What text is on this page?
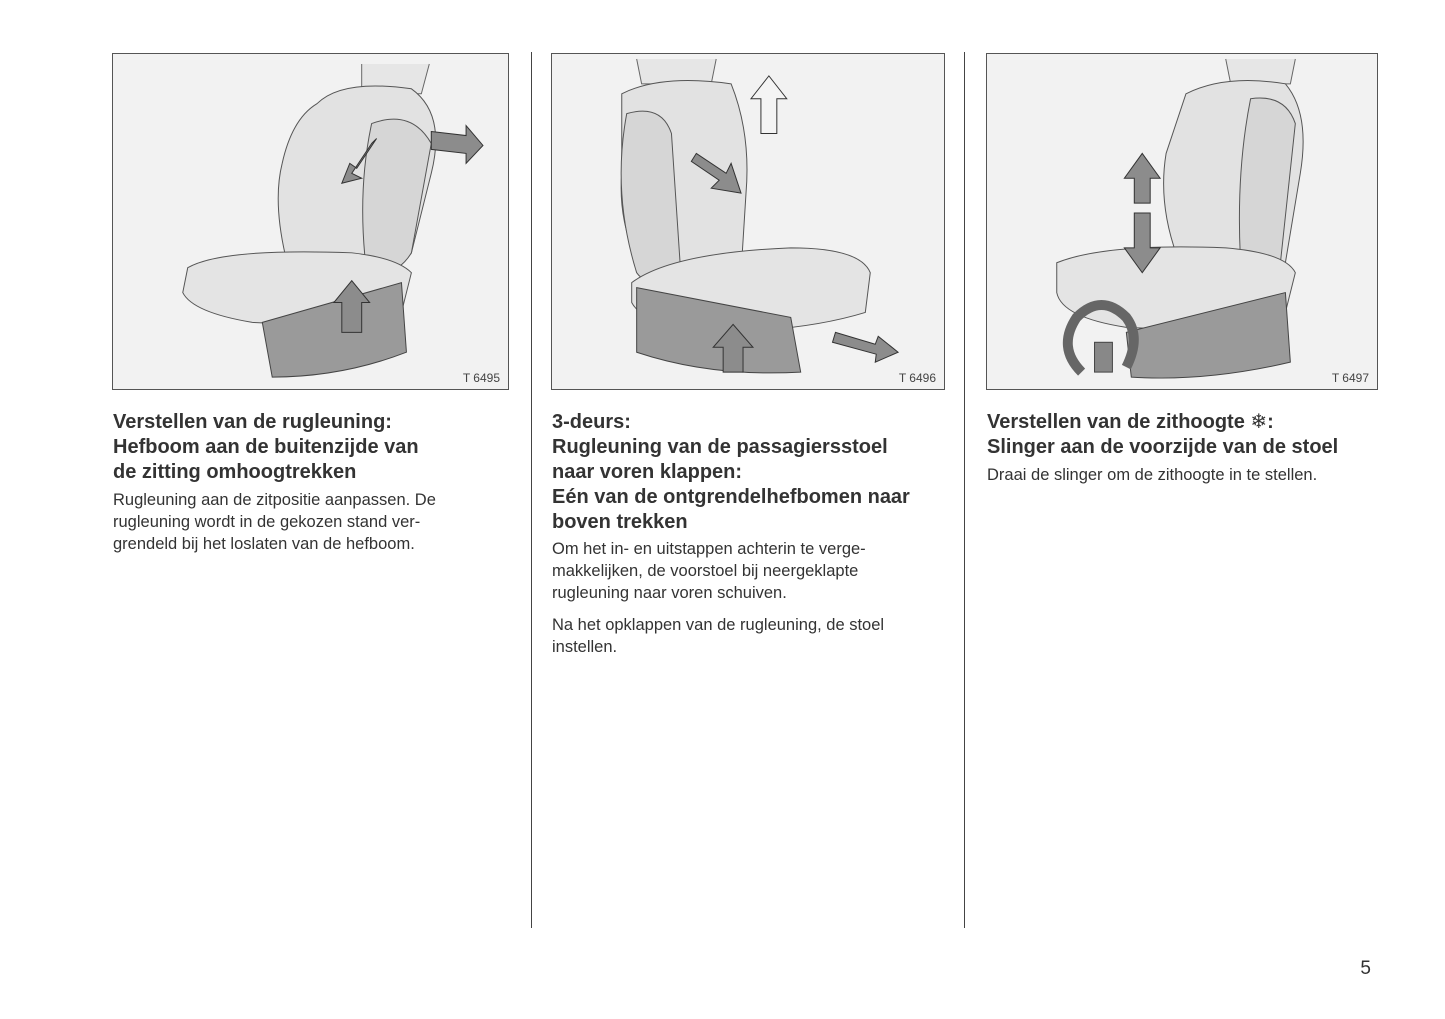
T 6495
Verstellen van de rugleuning:
Hefboom aan de buitenzijde van
de zitting omhoogtrekken

Rugleuning aan de zitpositie aanpassen. De
rugleuning wordt in de gekozen stand ver-
grendeld bij het loslaten van de hefboom.

T 6496
3-deurs:
Rugleuning van de passagiersstoel
naar voren klappen:
Eén van de ontgrendelhefbomen naar
boven trekken

Om het in- en uitstappen achterin te verge-
makkelijken, de voorstoel bij neergeklapte
rugleuning naar voren schuiven.

Na het opklappen van de rugleuning, de stoel
instellen.

T 6497
Verstellen van de zithoogte ❄:
Slinger aan de voorzijde van de stoel

Draai de slinger om de zithoogte in te stellen.

5
